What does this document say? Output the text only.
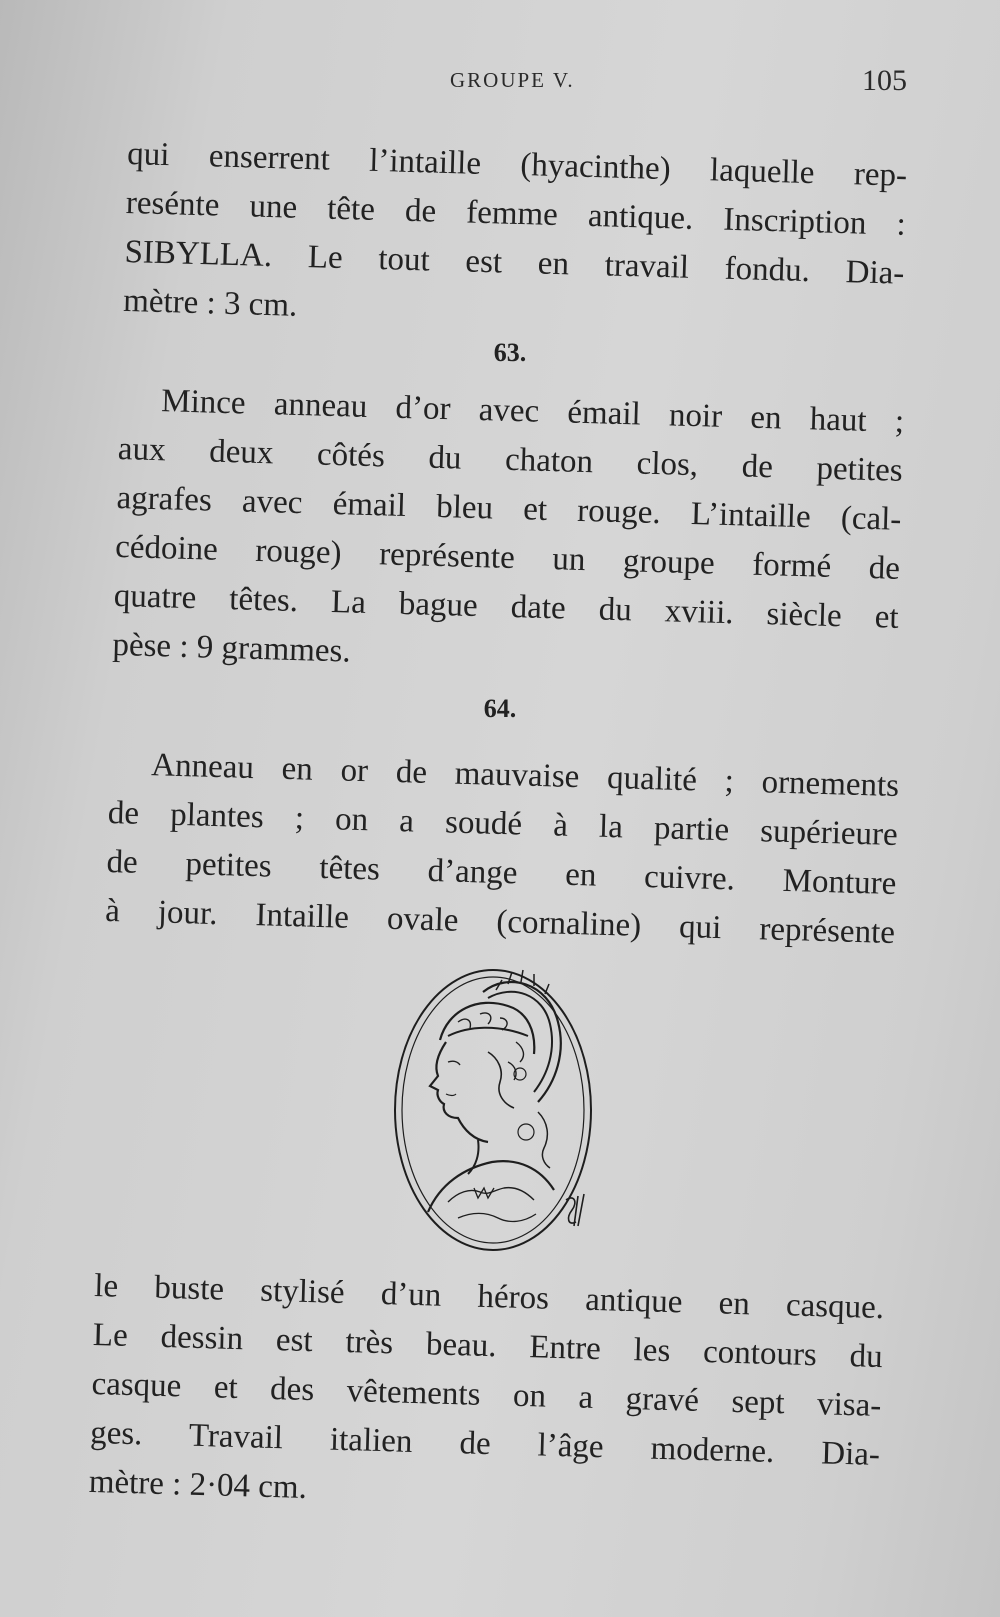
GROUPE V.	105

qui enserrent l’intaille (hyacinthe) laquelle rep-

reséntе une tête de femme antique. Inscription :

SIBYLLA. Le tout est en travail fondu. Dia-

mètre : 3 cm.

63.

Mince anneau d’or avec émail noir en haut ;

aux deux côtés du chaton clos, de petites

agrafes avec émail bleu et rouge. L’intaille (cal-

cédoine rouge) représente un groupe formé de

quatre têtes. La bague date du xviii. siècle et

pèse : 9 grammes.

64.

Anneau en or de mauvaise qualité ; ornements

de plantes ; on a soudé à la partie supérieure

de petites têtes d’ange en cuivre. Monture

à jour. Intaille ovale (cornaline) qui représente

le buste stylisé d’un héros antique en casque.

Le dessin est très beau. Entre les contours du

casque et des vêtements on a gravé sept visa-

ges. Travail italien de l’âge moderne. Dia-

mètre : 2·04 cm.
